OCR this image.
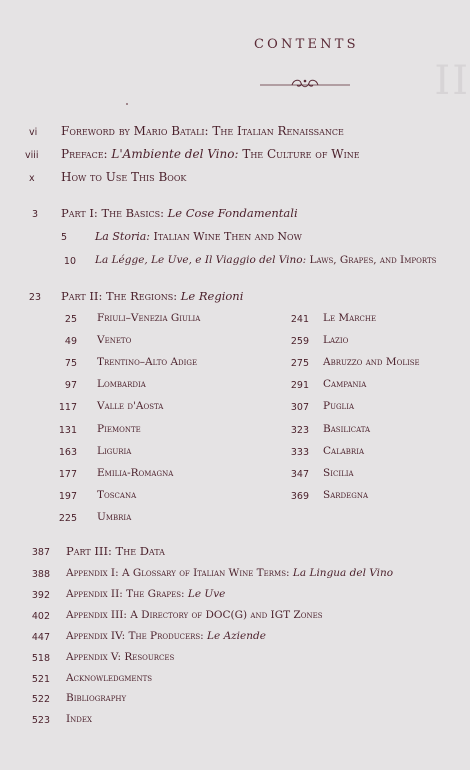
II
CONTENTS
vi Foreword by Mario Batali: The Italian Renaissance
viii Preface: L'Ambiente del Vino: The Culture of Wine
x How to Use This Book
3 Part I: The Basics: Le Cose Fondamentali
5	La Storia: Italian Wine Then and Now
10 La Légge, Le Uve, e Il Viaggio del Vino: Laws, Grapes, and Imports
23 Part II: The Regions: Le Regioni
25 Friuli–Venezia Giulia
49 Veneto
75 Trentino–Alto Adige
97 Lombardia
117 Valle d'Aosta
131 Piemonte
163 Liguria
177 Emilia-Romagna
197 Toscana
225 Umbria
241 Le Marche
259 Lazio
275 Abruzzo and Molise
291 Campania
307 Puglia
323 Basilicata
333 Calabria
347 Sicilia
369 Sardegna
387 Part III: The Data
388 Appendix I: A Glossary of Italian Wine Terms: La Lingua del Vino
392 Appendix II: The Grapes: Le Uve
402 Appendix III: A Directory of DOC(G) and IGT Zones
447 Appendix IV: The Producers: Le Aziende
518 Appendix V: Resources
521 Acknowledgments
522 Bibliography
523 Index
